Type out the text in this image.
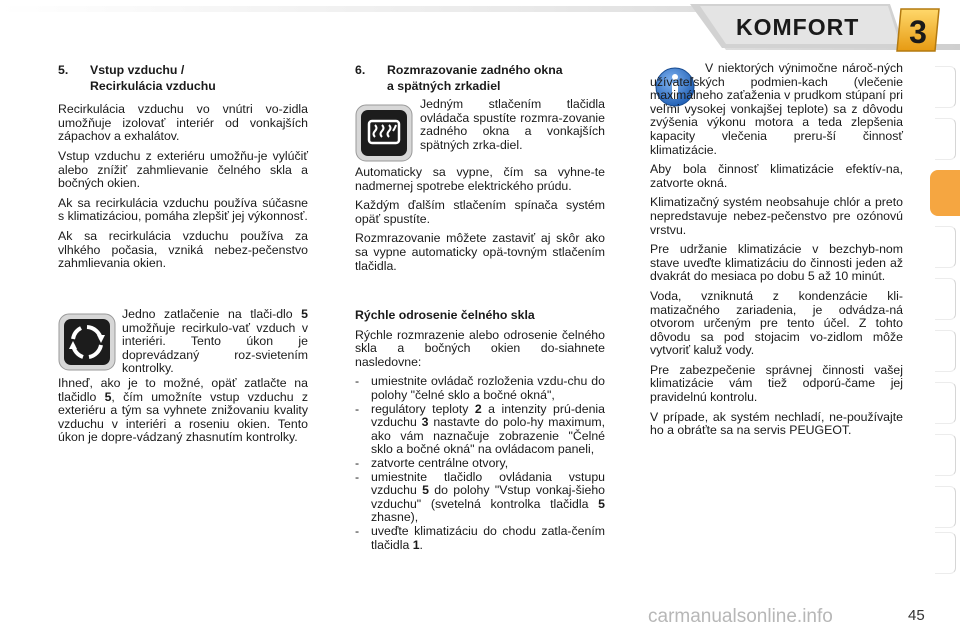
KOMFORT 3
5. Vstup vzduchu /
Recirkulácia vzduchu

Recirkulácia vzduchu vo vnútri vo-zidla umožňuje izolovať interiér od vonkajších zápachov a exhalátov.

Vstup vzduchu z exteriéru umožňu-je vylúčiť alebo znížiť zahmlievanie čelného skla a bočných okien.

Ak sa recirkulácia vzduchu používa súčasne s klimatizáciou, pomáha zlepšiť jej výkonnosť.

Ak sa recirkulácia vzduchu používa za vlhkého počasia, vzniká nebez-pečenstvo zahmlievania okien.

Jedno zatlačenie na tlači-dlo 5 umožňuje recirkulo-vať vzduch v interiéri. Tento úkon je doprevádzaný roz-svietením kontrolky.

Ihneď, ako je to možné, opäť zatlačte na tlačidlo 5, čím umožníte vstup vzduchu z exteriéru a tým sa vyhnete znižovaniu kvality vzduchu v interiéri a roseniu okien. Tento úkon je dopre-vádzaný zhasnutím kontrolky.

6. Rozmrazovanie zadného okna
a spätných zrkadiel

Jedným stlačením tlačidla ovládača spustíte rozmra-zovanie zadného okna a vonkajších spätných zrka-diel.

Automaticky sa vypne, čím sa vyhne-te nadmernej spotrebe elektrického prúdu.

Každým ďalším stlačením spínača systém opäť spustíte.

Rozmrazovanie môžete zastaviť aj skôr ako sa vypne automaticky opä-tovným stlačením tlačidla.

Rýchle odrosenie čelného skla

Rýchle rozmrazenie alebo odrosenie čelného skla a bočných okien do-siahnete nasledovne:

- umiestnite ovládač rozloženia vzdu-chu do polohy "čelné sklo a bočné okná",
- regulátory teploty 2 a intenzity prú-denia vzduchu 3 nastavte do polo-hy maximum, ako vám naznačuje zobrazenie "Čelné sklo a bočné okná" na ovládacom paneli,
- zatvorte centrálne otvory,
- umiestnite tlačidlo ovládania vstupu vzduchu 5 do polohy "Vstup vonkaj-šieho vzduchu" (svetelná kontrolka tlačidla 5 zhasne),
- uveďte klimatizáciu do chodu zatla-čením tlačidla 1.

V niektorých výnimočne nároč-ných užívateľských podmien-kach (vlečenie maximálneho zaťaženia v prudkom stúpaní pri veľmi vysokej vonkajšej teplote) sa z dôvodu zvýšenia výkonu motora a teda zlepšenia kapacity vlečenia preru-ší činnosť klimatizácie.

Aby bola činnosť klimatizácie efektív-na, zatvorte okná.

Klimatizačný systém neobsahuje chlór a preto nepredstavuje nebez-pečenstvo pre ozónovú vrstvu.

Pre udržanie klimatizácie v bezchyb-nom stave uveďte klimatizáciu do činnosti jeden až dvakrát do mesiaca po dobu 5 až 10 minút.

Voda, vzniknutá z kondenzácie kli-matizačného zariadenia, je odvádza-ná otvorom určeným pre tento účel. Z tohto dôvodu sa pod stojacim vo-zidlom môže vytvoriť kaluž vody.

Pre zabezpečenie správnej činnosti vašej klimatizácie vám tiež odporú-čame jej pravidelnú kontrolu.

V prípade, ak systém nechladí, ne-používajte ho a obráťte sa na servis PEUGEOT.

carmanualsonline.info	45
